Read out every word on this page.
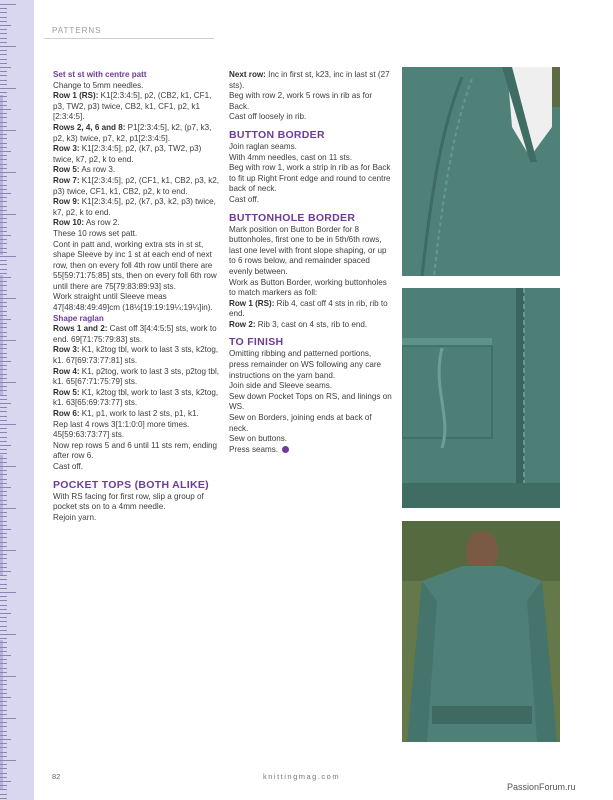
PATTERNS

Set st st with centre patt

Change to 5mm needles.

Row 1 (RS): K1[2:3:4:5], p2, (CB2, k1, CF1, p3, TW2, p3) twice, CB2, k1, CF1, p2, k1 [2:3:4:5].

Rows 2, 4, 6 and 8: P1[2:3:4:5], k2, (p7, k3, p2, k3) twice, p7, k2, p1[2:3:4:5].

Row 3: K1[2:3:4:5], p2, (k7, p3, TW2, p3) twice, k7, p2, k to end.

Row 5: As row 3.

Row 7: K1[2:3:4:5], p2, (CF1, k1, CB2, p3, k2, p3) twice, CF1, k1, CB2, p2, k to end.

Row 9: K1[2:3:4:5], p2, (k7, p3, k2, p3) twice, k7, p2, k to end.

Row 10: As row 2.

These 10 rows set patt.

Cont in patt and, working extra sts in st st, shape Sleeve by inc 1 st at each end of next row, then on every foll 4th row until there are 55[59:71:75:85] sts, then on every foll 6th row until there are 75[79:83:89:93] sts.

Work straight until Sleeve meas 47[48:48:49:49]cm (18½[19:19:19¼:19¼]in).

Shape raglan

Rows 1 and 2: Cast off 3[4:4:5:5] sts, work to end. 69[71:75:79:83] sts.

Row 3: K1, k2tog tbl, work to last 3 sts, k2tog, k1. 67[69:73:77:81] sts.

Row 4: K1, p2tog, work to last 3 sts, p2tog tbl, k1. 65[67:71:75:79] sts.

Row 5: K1, k2tog tbl, work to last 3 sts, k2tog, k1. 63[65:69:73:77] sts.

Row 6: K1, p1, work to last 2 sts, p1, k1.

Rep last 4 rows 3[1:1:0:0] more times. 45[59:63:73:77] sts.

Now rep rows 5 and 6 until 11 sts rem, ending after row 6.

Cast off.

POCKET TOPS (BOTH ALIKE)

With RS facing for first row, slip a group of pocket sts on to a 4mm needle.

Rejoin yarn.

Next row: Inc in first st, k23, inc in last st (27 sts).

Beg with row 2, work 5 rows in rib as for Back.

Cast off loosely in rib.

BUTTON BORDER

Join raglan seams.

With 4mm needles, cast on 11 sts.

Beg with row 1, work a strip in rib as for Back to fit up Right Front edge and round to centre back of neck.

Cast off.

BUTTONHOLE BORDER

Mark position on Button Border for 8 buttonholes, first one to be in 5th/6th rows, last one level with front slope shaping, or up to 6 rows below, and remainder spaced evenly between.

Work as Button Border, working buttonholes to match markers as foll:

Row 1 (RS): Rib 4, cast off 4 sts in rib, rib to end.

Row 2: Rib 3, cast on 4 sts, rib to end.

TO FINISH

Omitting ribbing and patterned portions, press remainder on WS following any care instructions on the yarn band.

Join side and Sleeve seams.

Sew down Pocket Tops on RS, and linings on WS.

Sew on Borders, joining ends at back of neck.

Sew on buttons.

Press seams.

82	knittingmag.com
PassionForum.ru
